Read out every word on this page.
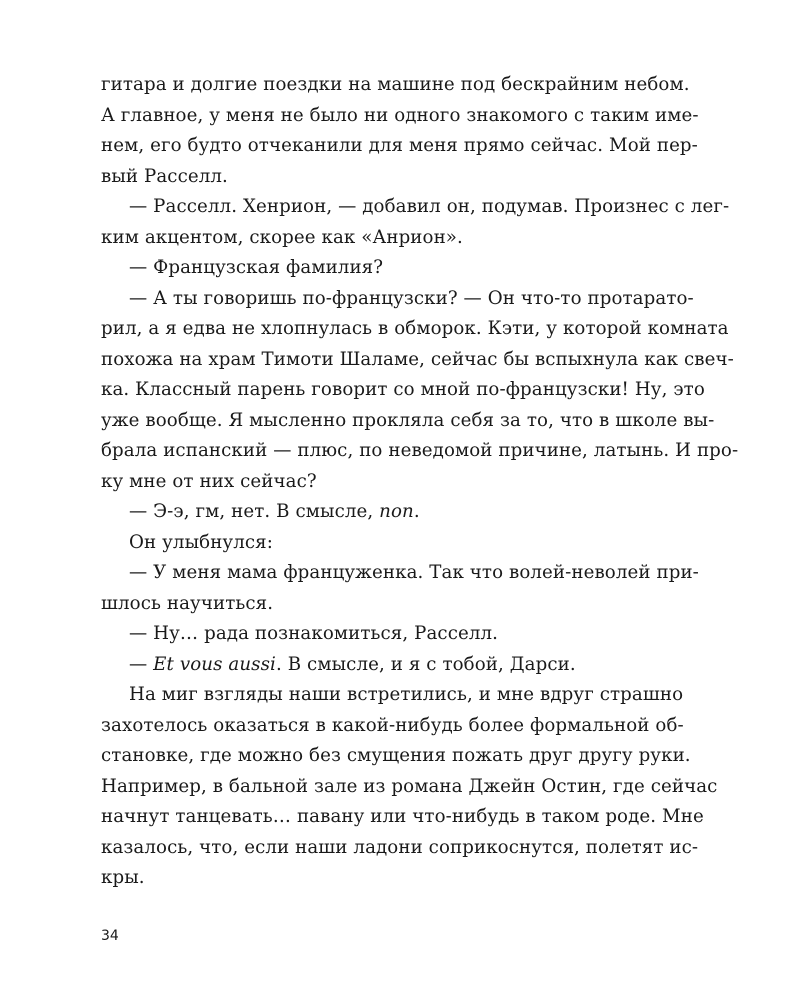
гитара и долгие поездки на машине под бескрайним небом.
А главное, у меня не было ни одного знакомого с таким име-
нем, его будто отчеканили для меня прямо сейчас. Мой пер-
вый Расселл.
— Расселл. Хенрион, — добавил он, подумав. Произнес с лег-
ким акцентом, скорее как «Анрион».
— Французская фамилия?
— А ты говоришь по-французски? — Он что-то протарато-
рил, а я едва не хлопнулась в обморок. Кэти, у которой комната
похожа на храм Тимоти Шаламе, сейчас бы вспыхнула как свеч-
ка. Классный парень говорит со мной по-французски! Ну, это
уже вообще. Я мысленно прокляла себя за то, что в школе вы-
брала испанский — плюс, по неведомой причине, латынь. И про-
ку мне от них сейчас?
— Э-э, гм, нет. В смысле, non.
Он улыбнулся:
— У меня мама француженка. Так что волей-неволей при-
шлось научиться.
— Ну… рада познакомиться, Расселл.
— Et vous aussi. В смысле, и я с тобой, Дарси.
На миг взгляды наши встретились, и мне вдруг страшно
захотелось оказаться в какой-нибудь более формальной об-
становке, где можно без смущения пожать друг другу руки.
Например, в бальной зале из романа Джейн Остин, где сейчас
начнут танцевать… павану или что-нибудь в таком роде. Мне
казалось, что, если наши ладони соприкоснутся, полетят ис-
кры.
34
